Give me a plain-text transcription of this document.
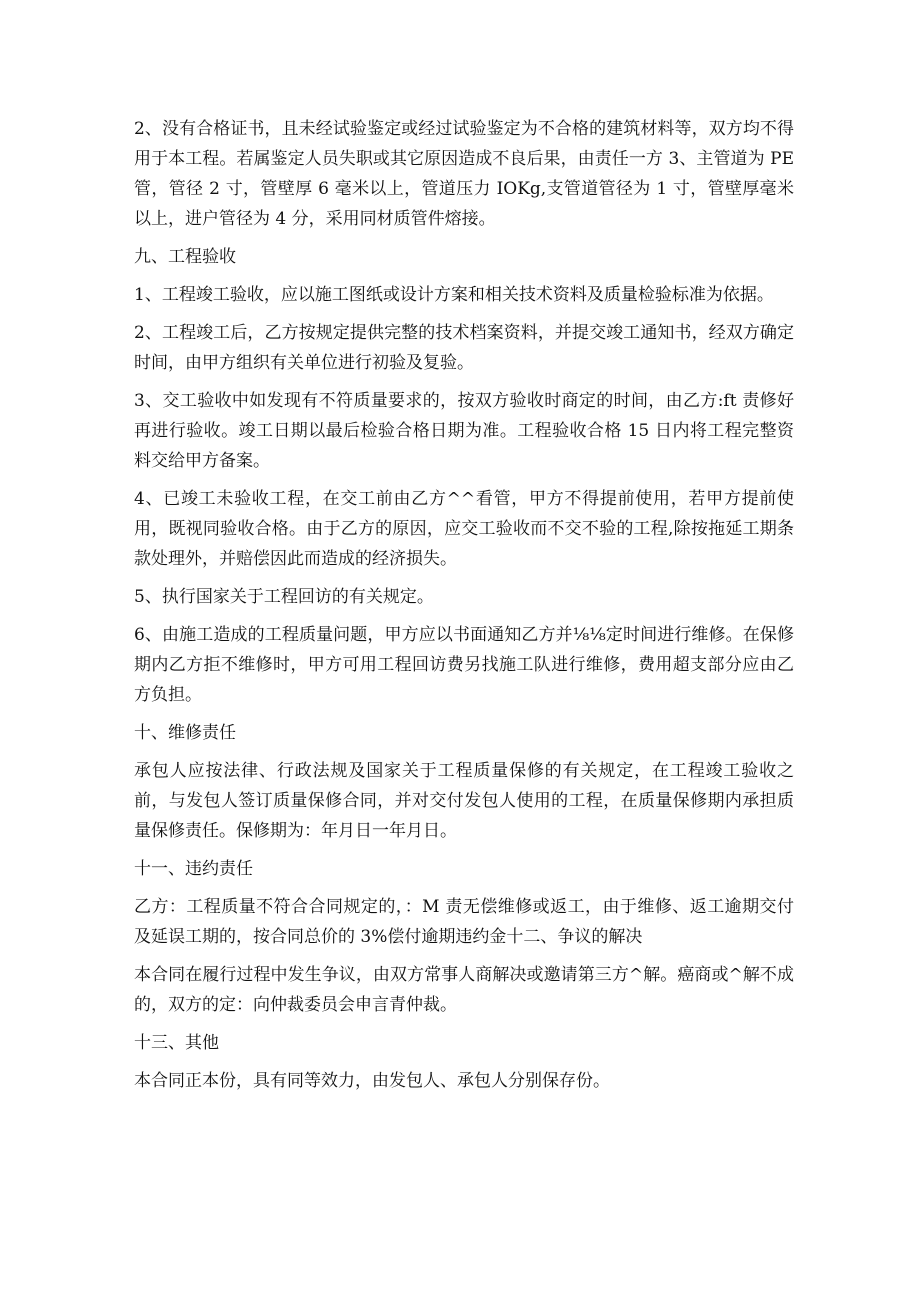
2、没有合格证书，且未经试验鉴定或经过试验鉴定为不合格的建筑材料等，双方均不得用于本工程。若属鉴定人员失职或其它原因造成不良后果，由责任一方 3、主管道为 PE 管，管径 2 寸，管壁厚 6 毫米以上，管道压力 IOKg,支管道管径为 1 寸，管壁厚毫米以上，进户管径为 4 分，采用同材质管件熔接。

九、工程验收

1、工程竣工验收，应以施工图纸或设计方案和相关技术资料及质量检验标准为依据。

2、工程竣工后，乙方按规定提供完整的技术档案资料，并提交竣工通知书，经双方确定时间，由甲方组织有关单位进行初验及复验。

3、交工验收中如发现有不符质量要求的，按双方验收时商定的时间，由乙方:ft 责修好再进行验收。竣工日期以最后检验合格日期为准。工程验收合格 15 日内将工程完整资料交给甲方备案。

4、已竣工未验收工程，在交工前由乙方^^看管，甲方不得提前使用，若甲方提前使用，既视同验收合格。由于乙方的原因，应交工验收而不交不验的工程,除按拖延工期条款处理外，并赔偿因此而造成的经济损失。

5、执行国家关于工程回访的有关规定。

6、由施工造成的工程质量问题，甲方应以书面通知乙方并⅛⅛定时间进行维修。在保修期内乙方拒不维修时，甲方可用工程回访费另找施工队进行维修，费用超支部分应由乙方负担。

十、维修责任

承包人应按法律、行政法规及国家关于工程质量保修的有关规定，在工程竣工验收之前，与发包人签订质量保修合同，并对交付发包人使用的工程，在质量保修期内承担质量保修责任。保修期为：年月日一年月日。

十一、违约责任

乙方：工程质量不符合合同规定的，：M 责无偿维修或返工，由于维修、返工逾期交付及延误工期的，按合同总价的 3%偿付逾期违约金十二、争议的解决

本合同在履行过程中发生争议，由双方常事人商解决或邀请第三方^解。癌商或^解不成的，双方的定：向仲裁委员会申言青仲裁。

十三、其他

本合同正本份，具有同等效力，由发包人、承包人分别保存份。
